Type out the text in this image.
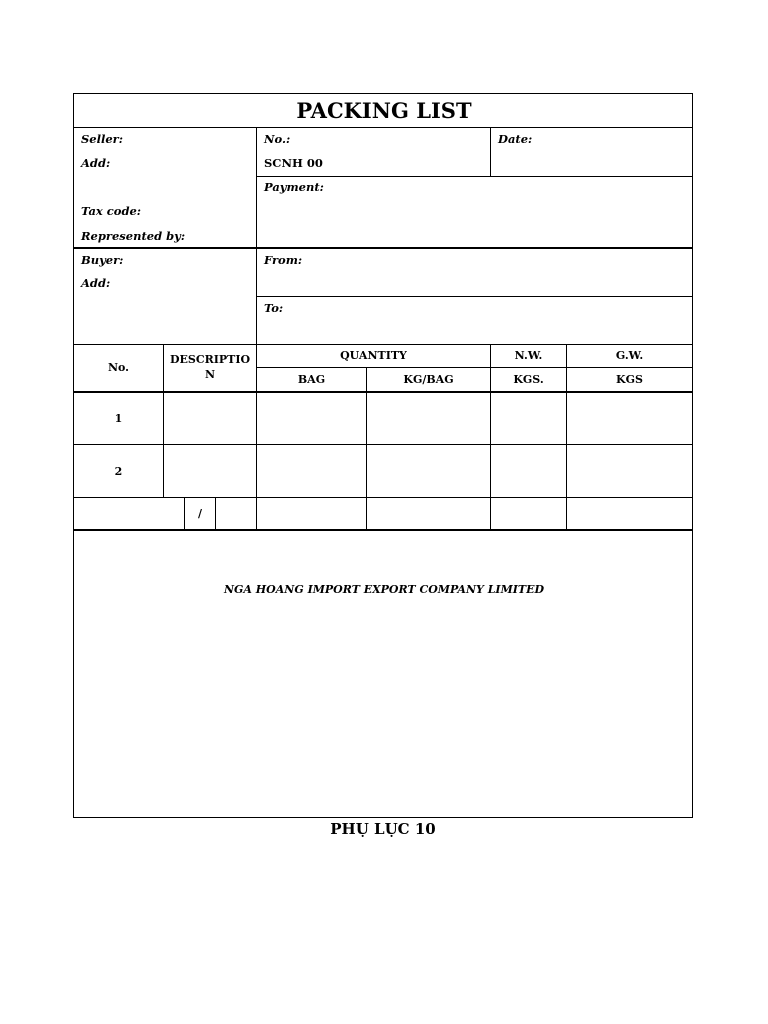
PACKING LIST
Seller:
Add:
Tax code:
Represented by:
No.:
SCNH 00
Date:
Payment:
Buyer:
Add:
From:
To:
No.
DESCRIPTIO
N
QUANTITY
BAG	KG/BAG
N.W.
KGS.
G.W.
KGS
1
2
/
NGA HOANG IMPORT EXPORT COMPANY LIMITED
PHỤ LỤC 10
